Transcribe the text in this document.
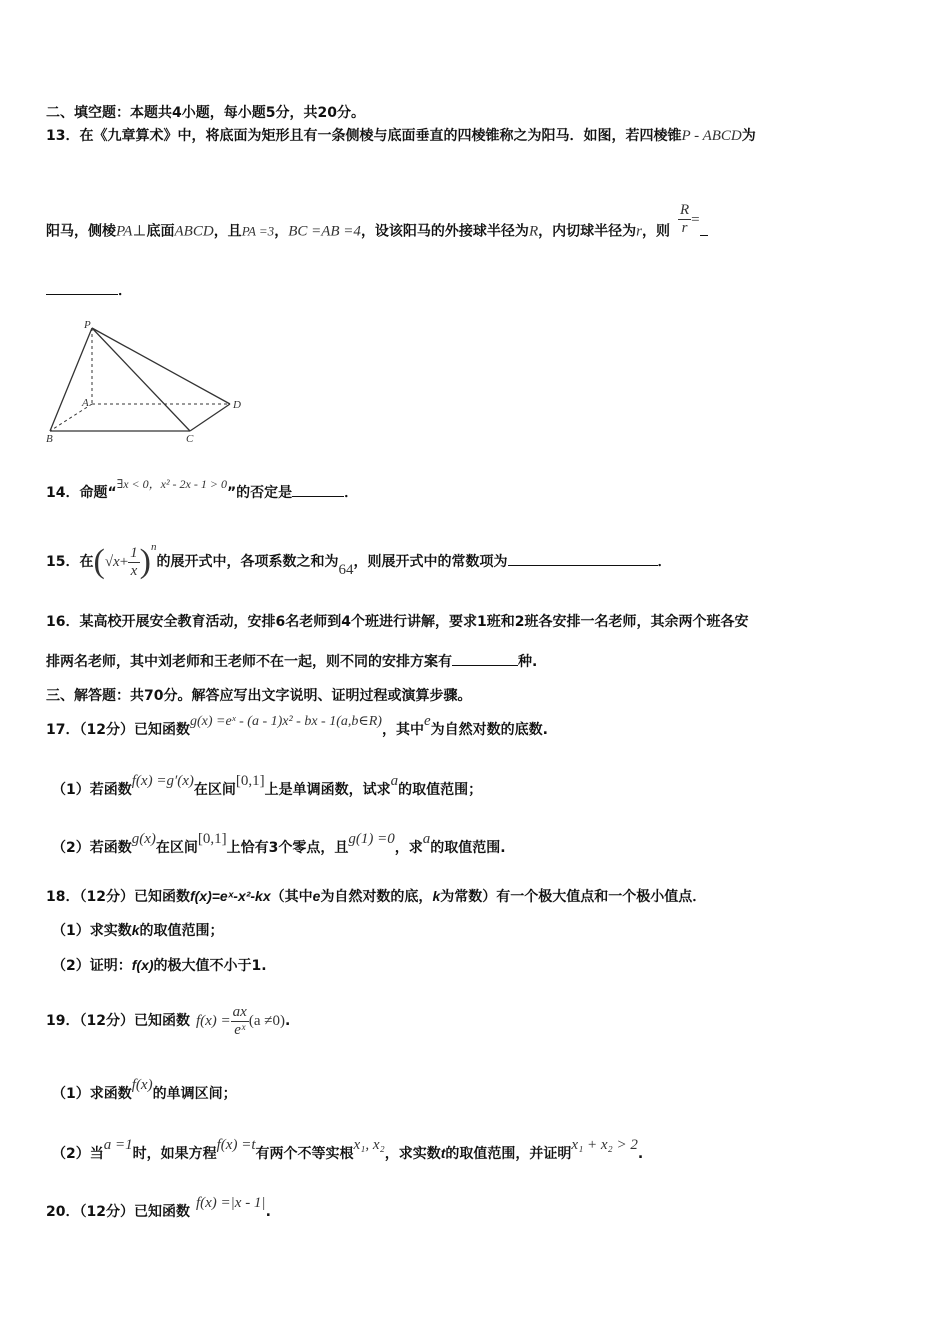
二、填空题：本题共4小题，每小题5分，共20分。
13．在《九章算术》中，将底面为矩形且有一条侧棱与底面垂直的四棱锥称之为阳马．如图，若四棱锥P - ABCD为
阳马，侧棱PA⊥底面ABCD，且PA =3，BC =AB =4，设该阳马的外接球半径为R，内切球半径为r，则 $\frac{R}{r}$ =
．
P
A
B	C
D
14．命题“∃x < 0，x² - 2x - 1 > 0”的否定是	．
15．在$(√x+ \frac{1}{x} )^n$的展开式中，各项系数之和为64，则展开式中的常数项为	．
16．某高校开展安全教育活动，安排6名老师到4个班进行讲解，要求1班和2班各安排一名老师，其余两个班各安
排两名老师，其中刘老师和王老师不在一起，则不同的安排方案有	种.
三、解答题：共70分。解答应写出文字说明、证明过程或演算步骤。
17．（12分）已知函数g(x) =eˣ - (a - 1)x² - bx - 1(a,b∈R)，其中e为自然对数的底数.
（1）若函数f(x) =g′(x)在区间[0,1]上是单调函数，试求a的取值范围；
（2）若函数g(x)在区间[0,1]上恰有3个零点，且g(1) =0，求a的取值范围.
18．（12分）已知函数f(x)=eˣ-x²-kx（其中e为自然对数的底，k为常数）有一个极大值点和一个极小值点．
（1）求实数k的取值范围；
（2）证明：f(x)的极大值不小于1.
19．（12分）已知函数 $f(x) = \frac{ax}{\text{eˣ}} (a \ne 0)$.
（1）求函数f(x)的单调区间；
（2）当a =1时，如果方程f(x) =t有两个不等实根x₁, x₂，求实数t的取值范围，并证明x₁ + x₂ > 2.
20．（12分）已知函数f(x) =|x - 1|.
